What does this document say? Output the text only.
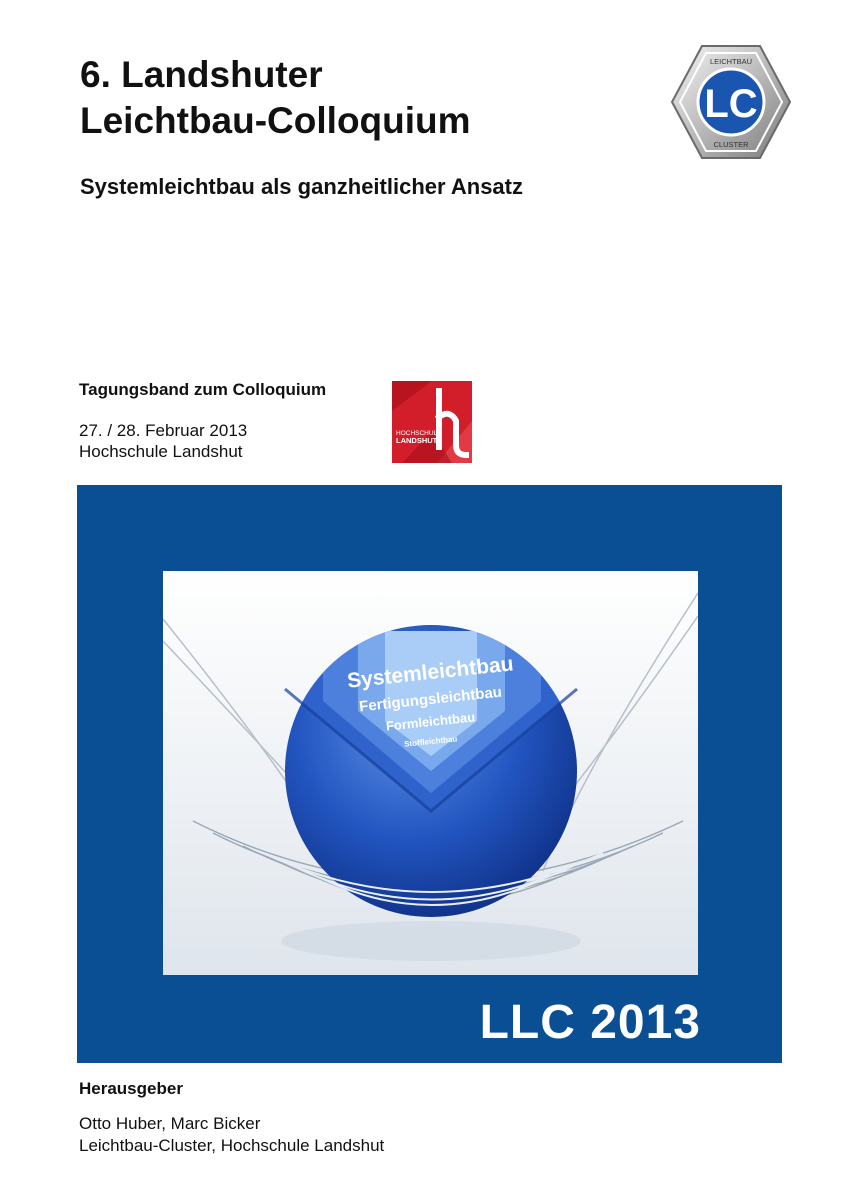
6. Landshuter
Leichtbau-Colloquium
Systemleichtbau als ganzheitlicher Ansatz
LC
LEICHTBAU
CLUSTER
Tagungsband zum Colloquium
27. / 28. Februar 2013
Hochschule Landshut
HOCHSCHULE
LANDSHUT
Systemleichtbau
Fertigungsleichtbau
Formleichtbau
Stoffleichtbau
LLC 2013
Herausgeber
Otto Huber, Marc Bicker
Leichtbau-Cluster, Hochschule Landshut
